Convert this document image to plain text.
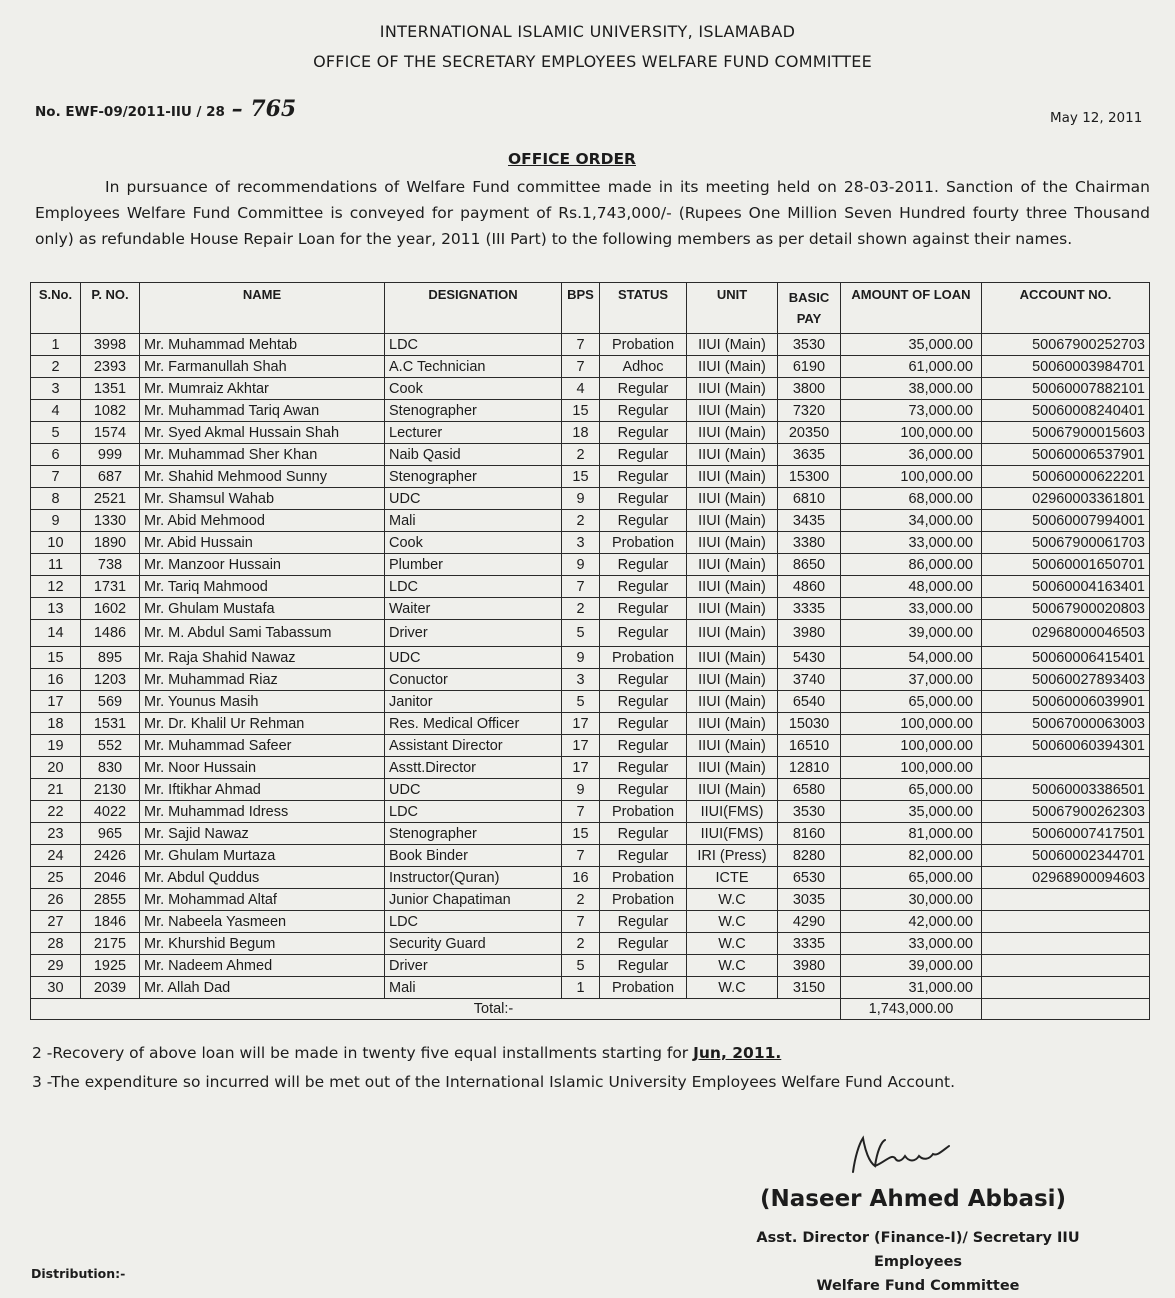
INTERNATIONAL ISLAMIC UNIVERSITY, ISLAMABAD
OFFICE OF THE SECRETARY EMPLOYEES WELFARE FUND COMMITTEE
No. EWF-09/2011-IIU / 28 – 765	May 12, 2011
OFFICE ORDER
In pursuance of recommendations of Welfare Fund committee made in its meeting held on 28-03-2011. Sanction of the Chairman Employees Welfare Fund Committee is conveyed for payment of Rs.1,743,000/- (Rupees One Million Seven Hundred fourty three Thousand only) as refundable House Repair Loan for the year, 2011 (III Part) to the following members as per detail shown against their names.
S.No.	P. NO.	NAME	DESIGNATION	BPS	STATUS	UNIT	BASIC PAY	AMOUNT OF LOAN	ACCOUNT NO.
1	3998	Mr. Muhammad Mehtab	LDC	7	Probation	IIUI (Main)	3530	35,000.00	50067900252703
2	2393	Mr. Farmanullah Shah	A.C Technician	7	Adhoc	IIUI (Main)	6190	61,000.00	50060003984701
3	1351	Mr. Mumraiz Akhtar	Cook	4	Regular	IIUI (Main)	3800	38,000.00	50060007882101
4	1082	Mr. Muhammad Tariq Awan	Stenographer	15	Regular	IIUI (Main)	7320	73,000.00	50060008240401
5	1574	Mr. Syed Akmal Hussain Shah	Lecturer	18	Regular	IIUI (Main)	20350	100,000.00	50067900015603
6	999	Mr. Muhammad Sher Khan	Naib Qasid	2	Regular	IIUI (Main)	3635	36,000.00	50060006537901
7	687	Mr. Shahid Mehmood Sunny	Stenographer	15	Regular	IIUI (Main)	15300	100,000.00	50060000622201
8	2521	Mr. Shamsul Wahab	UDC	9	Regular	IIUI (Main)	6810	68,000.00	02960003361801
9	1330	Mr. Abid Mehmood	Mali	2	Regular	IIUI (Main)	3435	34,000.00	50060007994001
10	1890	Mr. Abid Hussain	Cook	3	Probation	IIUI (Main)	3380	33,000.00	50067900061703
11	738	Mr. Manzoor Hussain	Plumber	9	Regular	IIUI (Main)	8650	86,000.00	50060001650701
12	1731	Mr. Tariq Mahmood	LDC	7	Regular	IIUI (Main)	4860	48,000.00	50060004163401
13	1602	Mr. Ghulam Mustafa	Waiter	2	Regular	IIUI (Main)	3335	33,000.00	50067900020803
14	1486	Mr. M. Abdul Sami Tabassum	Driver	5	Regular	IIUI (Main)	3980	39,000.00	02968000046503
15	895	Mr. Raja Shahid Nawaz	UDC	9	Probation	IIUI (Main)	5430	54,000.00	50060006415401
16	1203	Mr. Muhammad Riaz	Conuctor	3	Regular	IIUI (Main)	3740	37,000.00	50060027893403
17	569	Mr. Younus Masih	Janitor	5	Regular	IIUI (Main)	6540	65,000.00	50060006039901
18	1531	Mr. Dr. Khalil Ur Rehman	Res. Medical Officer	17	Regular	IIUI (Main)	15030	100,000.00	50067000063003
19	552	Mr. Muhammad Safeer	Assistant Director	17	Regular	IIUI (Main)	16510	100,000.00	50060060394301
20	830	Mr. Noor Hussain	Asstt.Director	17	Regular	IIUI (Main)	12810	100,000.00	
21	2130	Mr. Iftikhar Ahmad	UDC	9	Regular	IIUI (Main)	6580	65,000.00	50060003386501
22	4022	Mr. Muhammad Idress	LDC	7	Probation	IIUI(FMS)	3530	35,000.00	50067900262303
23	965	Mr. Sajid Nawaz	Stenographer	15	Regular	IIUI(FMS)	8160	81,000.00	50060007417501
24	2426	Mr. Ghulam Murtaza	Book Binder	7	Regular	IRI (Press)	8280	82,000.00	50060002344701
25	2046	Mr. Abdul Quddus	Instructor(Quran)	16	Probation	ICTE	6530	65,000.00	02968900094603
26	2855	Mr. Mohammad Altaf	Junior Chapatiman	2	Probation	W.C	3035	30,000.00	
27	1846	Mr. Nabeela Yasmeen	LDC	7	Regular	W.C	4290	42,000.00	
28	2175	Mr. Khurshid Begum	Security Guard	2	Regular	W.C	3335	33,000.00	
29	1925	Mr. Nadeem Ahmed	Driver	5	Regular	W.C	3980	39,000.00	
30	2039	Mr. Allah Dad	Mali	1	Probation	W.C	3150	31,000.00	
Total:-								1,743,000.00	
2 -Recovery of above loan will be made in twenty five equal installments starting for Jun, 2011.
3 -The expenditure so incurred will be met out of the International Islamic University Employees Welfare Fund Account.
(Naseer Ahmed Abbasi)
Asst. Director (Finance-I)/ Secretary IIU Employees
Welfare Fund Committee
Distribution:-
